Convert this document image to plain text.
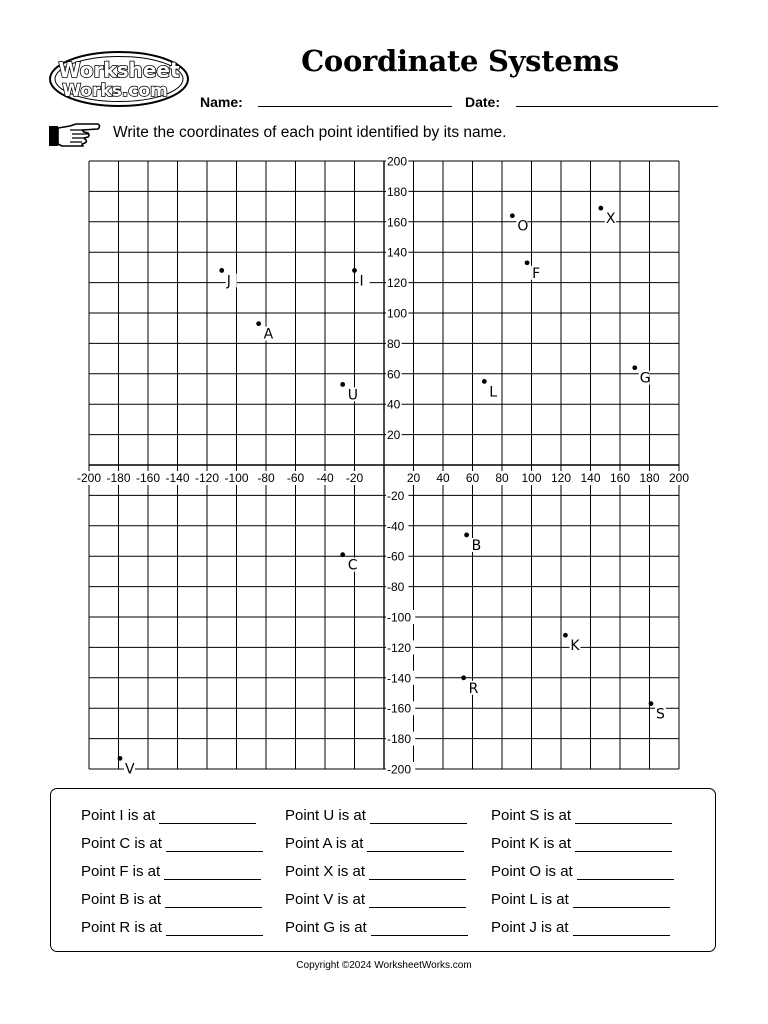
Worksheet
Works.com
Coordinate Systems
Name:	Date:
Write the coordinates of each point identified by its name.
-200 -180 -160 -140 -120 -100 -80 -60 -40 -20	20 40 60 80 100 120 140 160 180 200
200
180
160
140
120
100
80
60
40
20
-20
-40
-60
-80
-100
-120
-140
-160
-180
-200
J	I
A
U
O	X
F
L
G
B
C
K
R
S
V
Point I is at	Point U is at	Point S is at
Point C is at	Point A is at	Point K is at
Point F is at	Point X is at	Point O is at
Point B is at	Point V is at	Point L is at
Point R is at	Point G is at	Point J is at
Copyright ©2024 WorksheetWorks.com
